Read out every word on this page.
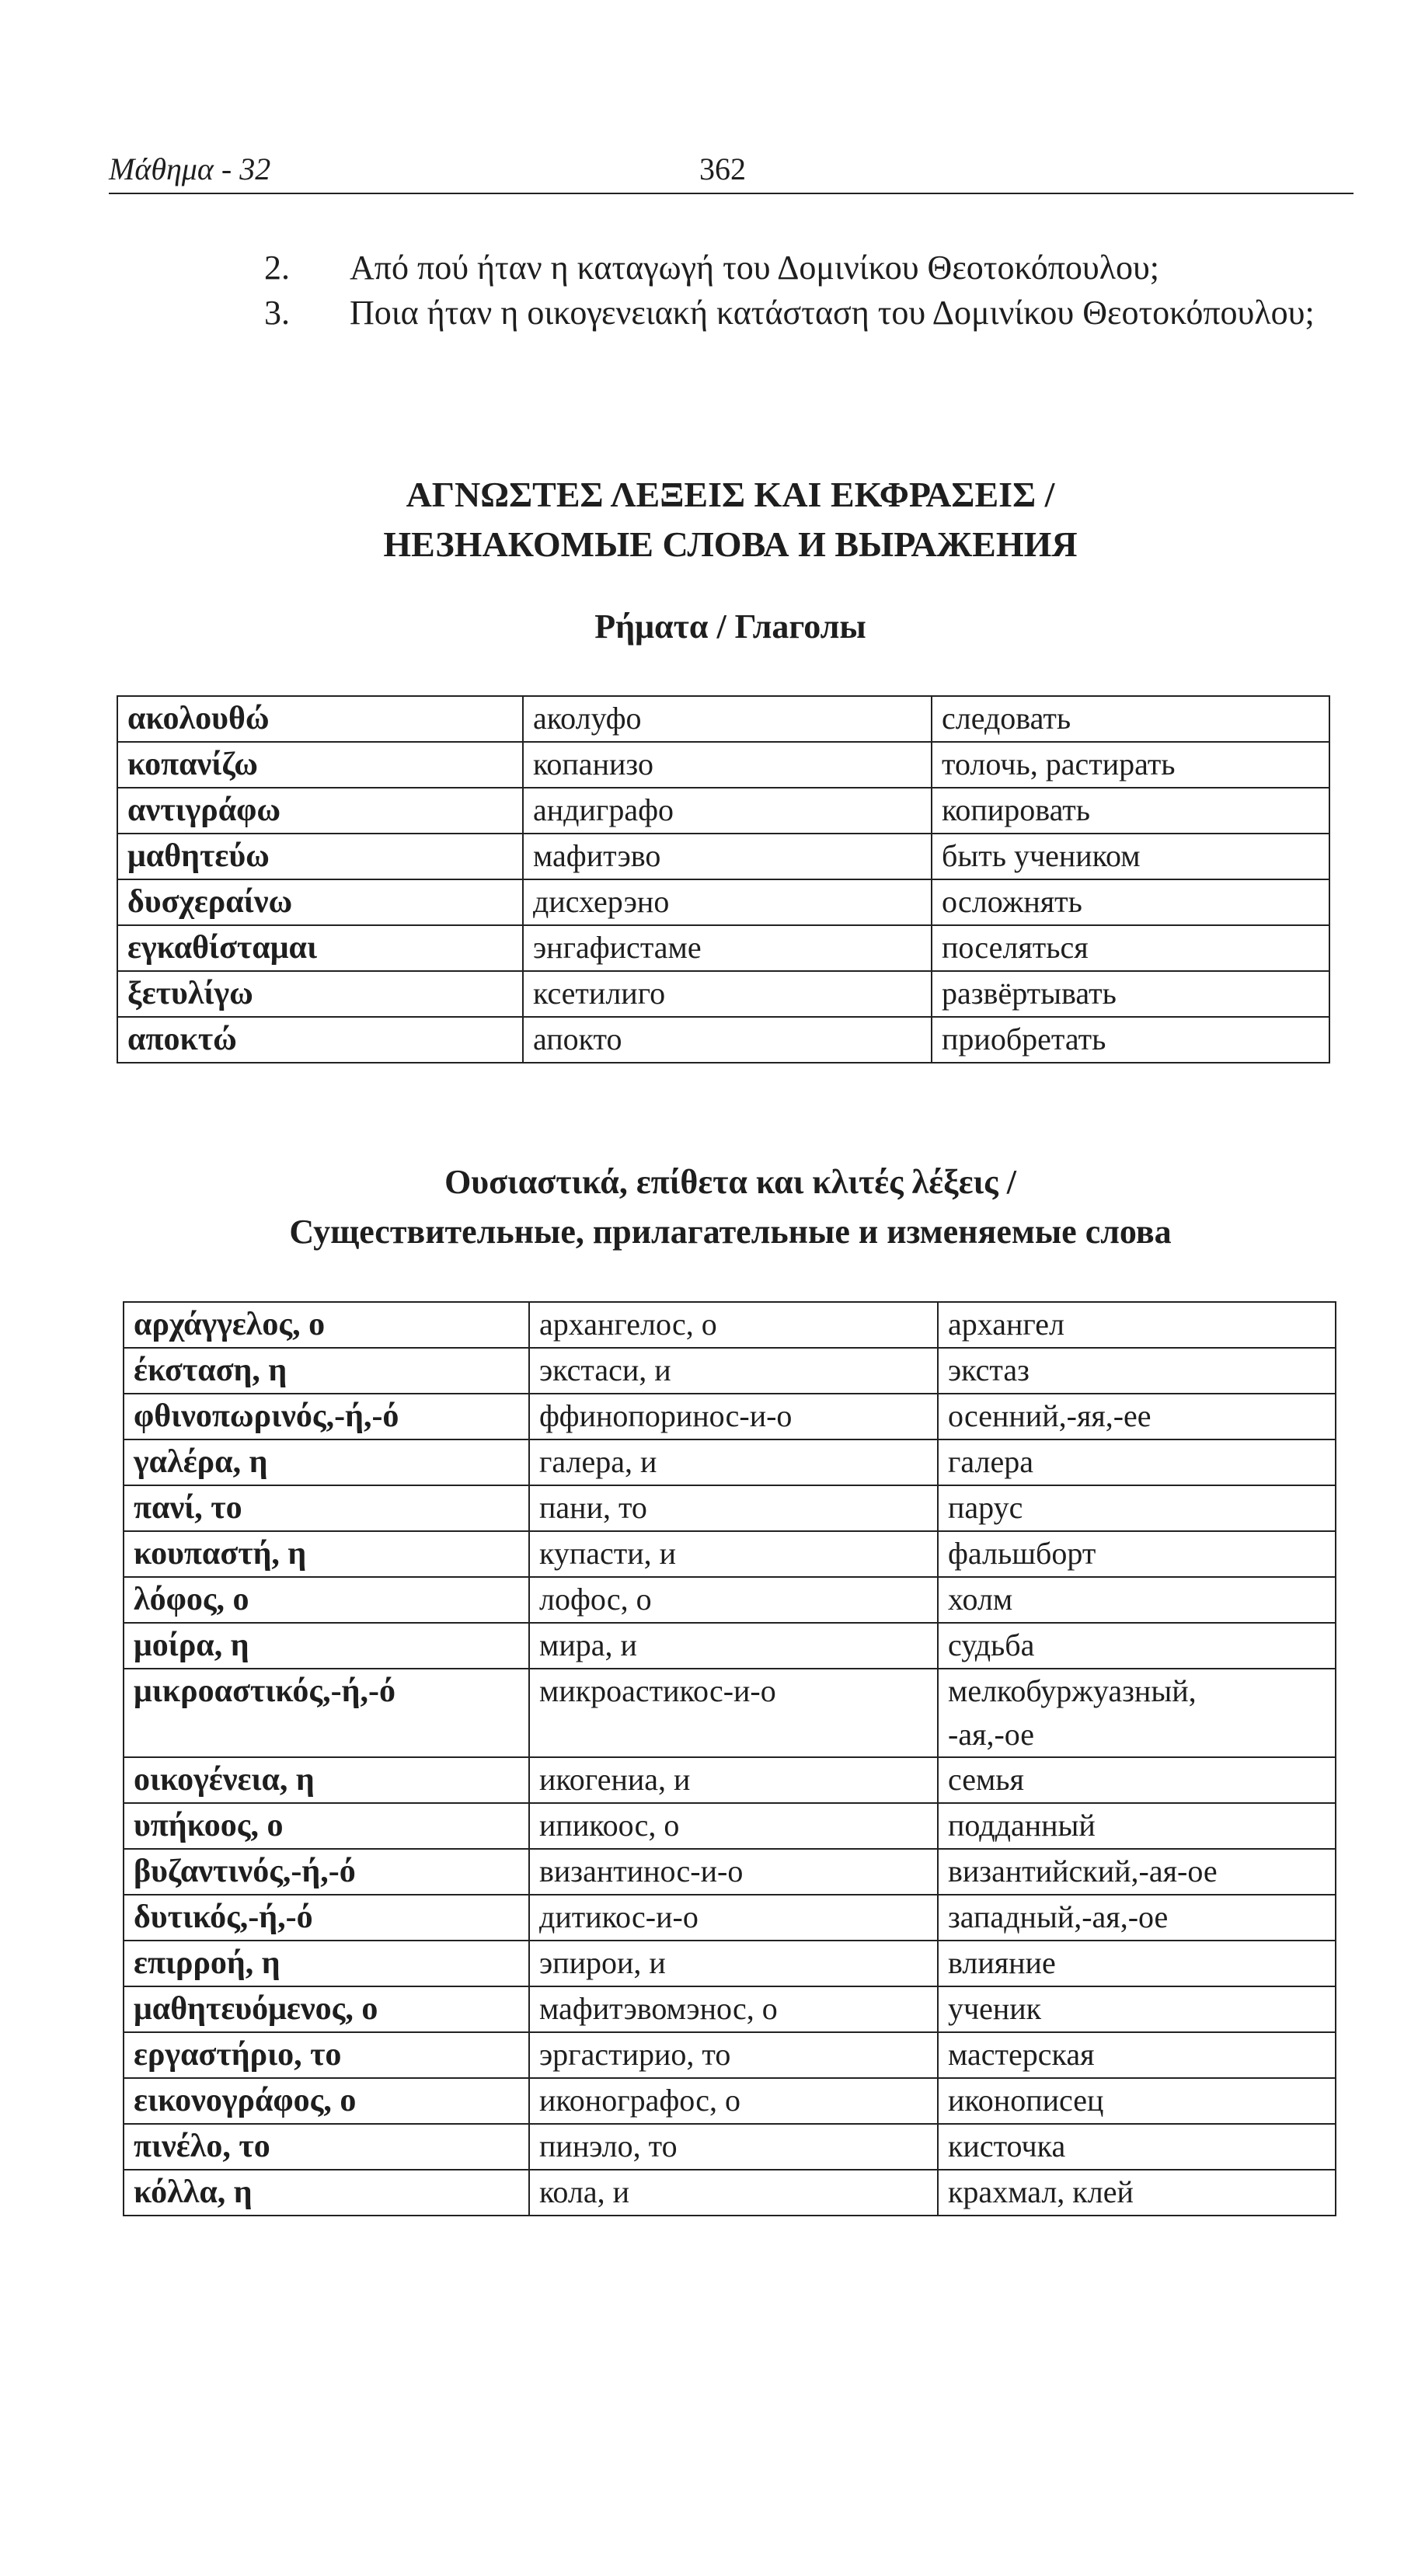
Μάθημα - 32	362
2. Από πού ήταν η καταγωγή του Δομινίκου Θεοτοκόπουλου;
3. Ποια ήταν η οικογενειακή κατάσταση του Δομινίκου Θεοτοκόπουλου;
ΑΓΝΩΣΤΕΣ ΛΕΞΕΙΣ ΚΑΙ ΕΚΦΡΑΣΕΙΣ /
НЕЗНАКОМЫЕ СЛОВА И ВЫРАЖЕНИЯ
Ρήματα / Глаголы
ακολουθώ	аколуфо	следовать
κοπανίζω	копанизо	толочь, растирать
αντιγράφω	андиграфо	копировать
μαθητεύω	мафитэво	быть учеником
δυσχεραίνω	дисхерэно	осложнять
εγκαθίσταμαι	энгафистаме	поселяться
ξετυλίγω	ксетилиго	развёртывать
αποκτώ	апокто	приобретать
Ουσιαστικά, επίθετα και κλιτές λέξεις /
Существительные, прилагательные и изменяемые слова
αρχάγγελος, ο	архангелос, о	архангел
έκσταση, η	экстаси, и	экстаз
φθινοπωρινός,-ή,-ό	ффинопоринос-и-о	осенний,-яя,-ее
γαλέρα, η	галера, и	галера
πανί, το	пани, то	парус
κουπαστή, η	купасти, и	фальшборт
λόφος, ο	лофос, о	холм
μοίρα, η	мира, и	судьба
μικροαστικός,-ή,-ό	микроастикос-и-о	мелкобуржуазный,
-ая,-ое

οικογένεια, η	икогениа, и	семья
υπήκοος, ο	ипикоос, о	подданный
βυζαντινός,-ή,-ό	византинос-и-о	византийский,-ая-ое
δυτικός,-ή,-ό	дитикос-и-о	западный,-ая,-ое
επιρροή, η	эпирои, и	влияние
μαθητευόμενος, ο	мафитэвомэнос, о	ученик
εργαστήριο, το	эргастирио, то	мастерская
εικονογράφος, ο	иконографос, о	иконописец
πινέλο, το	пинэло, то	кисточка
κόλλα, η	кола, и	крахмал, клей
